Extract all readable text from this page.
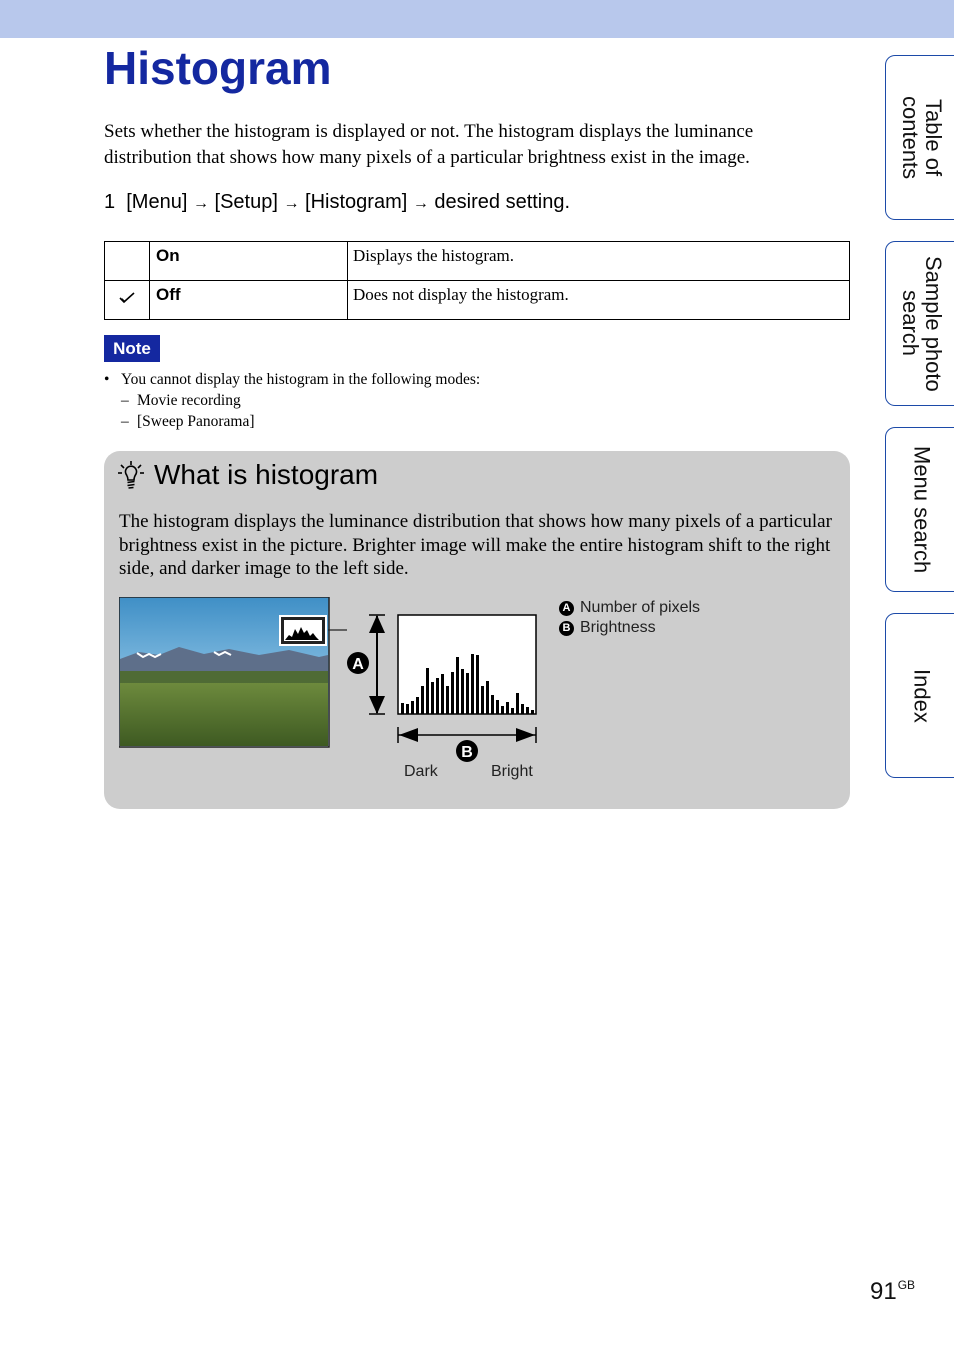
Histogram

Sets whether the histogram is displayed or not. The histogram displays the luminance distribution that shows how many pixels of a particular brightness exist in the image.

1 [Menu] → [Setup] → [Histogram] → desired setting.

	On	Displays the histogram.
	Off	Does not display the histogram.
Note
• You cannot display the histogram in the following modes:
– Movie recording
– [Sweep Panorama]
What is histogram

The histogram displays the luminance distribution that shows how many pixels of a particular brightness exist in the picture. Brighter image will make the entire histogram shift to the right side, and darker image to the left side.

A
B
Dark	Bright
A Number of pixels
B Brightness
Table of contents
Sample photo search
Menu search
Index
$91^{GB}$
